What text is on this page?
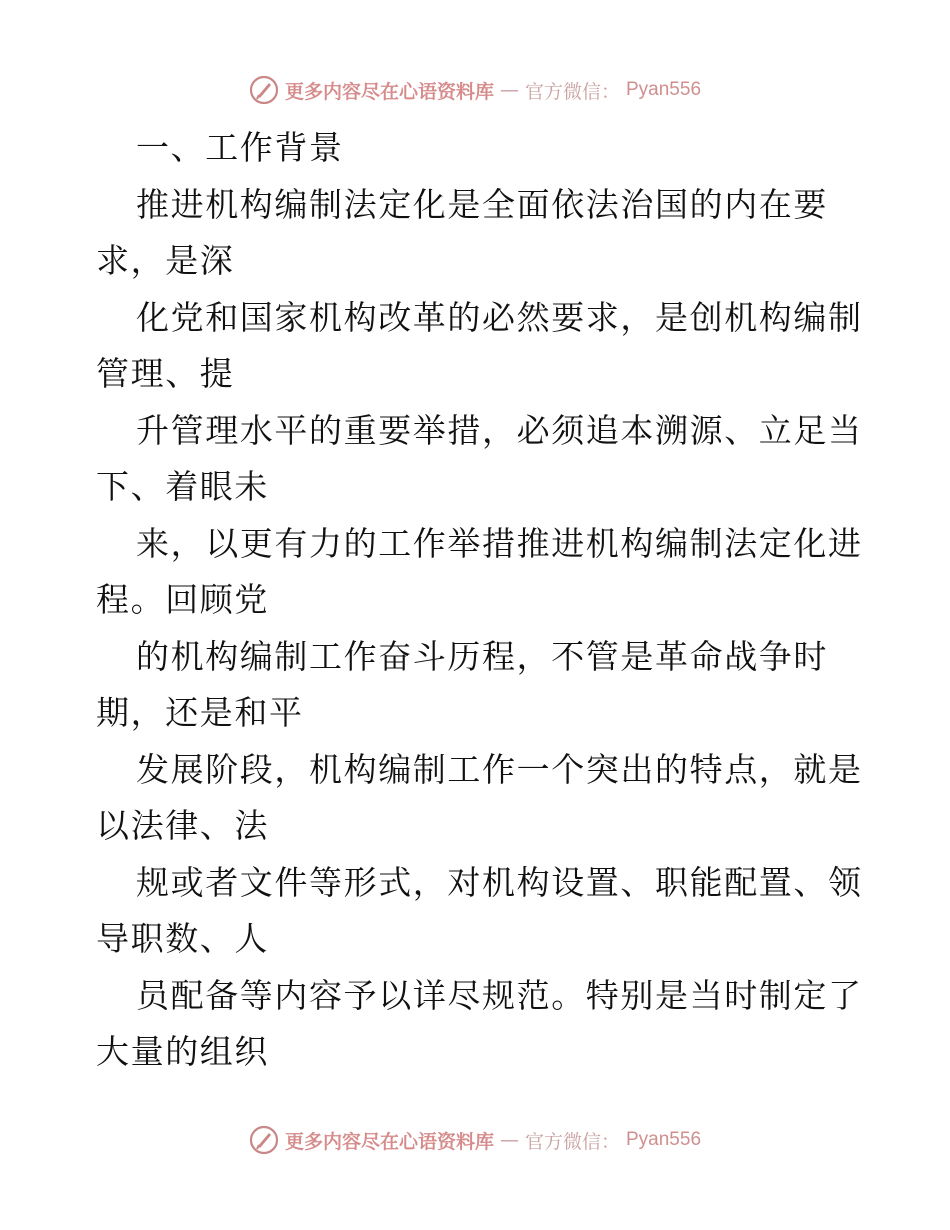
更多内容尽在心语资料库 — 官方微信： Pyan556
一、工作背景
推进机构编制法定化是全面依法治国的内在要
求，是深
化党和国家机构改革的必然要求，是创机构编制
管理、提
升管理水平的重要举措，必须追本溯源、立足当
下、着眼未
来，以更有力的工作举措推进机构编制法定化进
程。回顾党
的机构编制工作奋斗历程，不管是革命战争时
期，还是和平
发展阶段，机构编制工作一个突出的特点，就是
以法律、法
规或者文件等形式，对机构设置、职能配置、领
导职数、人
员配备等内容予以详尽规范。特别是当时制定了
大量的组织
更多内容尽在心语资料库 — 官方微信： Pyan556
